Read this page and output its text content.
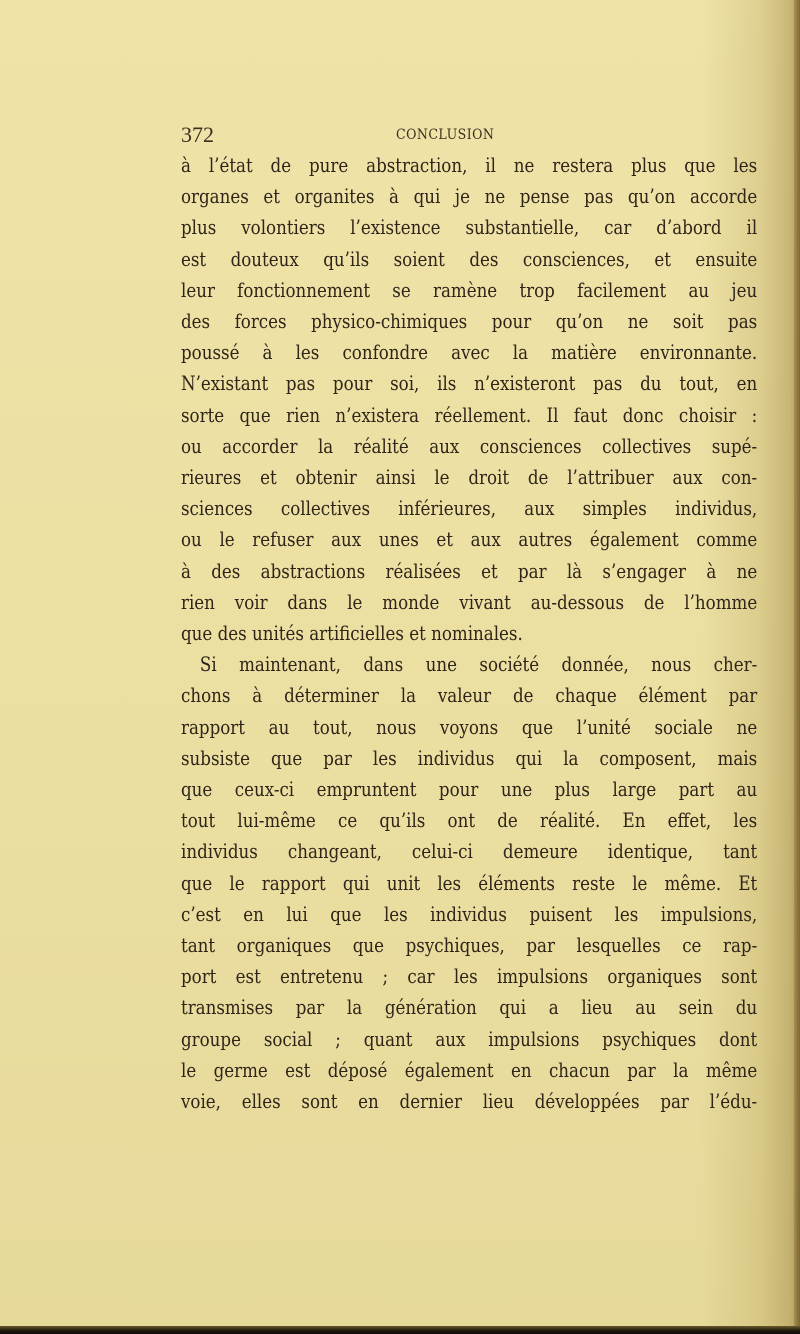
372	CONCLUSION
à l’état de pure abstraction, il ne restera plus que les
organes et organites à qui je ne pense pas qu’on accorde
plus volontiers l’existence substantielle, car d’abord il
est douteux qu’ils soient des consciences, et ensuite
leur fonctionnement se ramène trop facilement au jeu
des forces physico-chimiques pour qu’on ne soit pas
poussé à les confondre avec la matière environnante.
N’existant pas pour soi, ils n’existeront pas du tout, en
sorte que rien n’existera réellement. Il faut donc choisir :
ou accorder la réalité aux consciences collectives supé-
rieures et obtenir ainsi le droit de l’attribuer aux con-
sciences collectives inférieures, aux simples individus,
ou le refuser aux unes et aux autres également comme
à des abstractions réalisées et par là s’engager à ne
rien voir dans le monde vivant au-dessous de l’homme
que des unités artificielles et nominales.
Si maintenant, dans une société donnée, nous cher-
chons à déterminer la valeur de chaque élément par
rapport au tout, nous voyons que l’unité sociale ne
subsiste que par les individus qui la composent, mais
que ceux-ci empruntent pour une plus large part au
tout lui-même ce qu’ils ont de réalité. En effet, les
individus changeant, celui-ci demeure identique, tant
que le rapport qui unit les éléments reste le même. Et
c’est en lui que les individus puisent les impulsions,
tant organiques que psychiques, par lesquelles ce rap-
port est entretenu ; car les impulsions organiques sont
transmises par la génération qui a lieu au sein du
groupe social ; quant aux impulsions psychiques dont
le germe est déposé également en chacun par la même
voie, elles sont en dernier lieu développées par l’édu-
